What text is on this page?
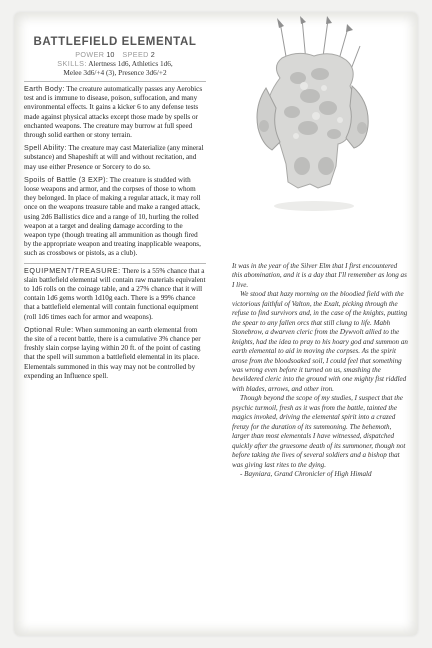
BATTLEFIELD ELEMENTAL
POWER 10 SPEED 2
SKILLS: Alertness 1d6, Athletics 1d6,
Melee 3d6/+4 (3), Presence 3d6/+2

Earth Body: The creature automatically passes any Aerobics test and is immune to disease, poison, suffocation, and many environmental effects. It gains a kicker 6 to any defense tests made against physical attacks except those made by spells or enchanted weapons. The creature may burrow at full speed through solid earthen or stony terrain.

Spell Ability: The creature may cast Materialize (any mineral substance) and Shapeshift at will and without recitation, and may use either Presence or Sorcery to do so.

Spoils of Battle (3 EXP): The creature is studded with loose weapons and armor, and the corpses of those to whom they belonged. In place of making a regular attack, it may roll once on the weapons treasure table and make a ranged attack, using 2d6 Ballistics dice and a range of 10, hurling the rolled weapon at a target and dealing damage according to the weapon type (though treating all ammunition as though fired by the appropriate weapon and treating inapplicable weapons, such as crossbows or pistols, as a club).

EQUIPMENT/TREASURE: There is a 55% chance that a slain battlefield elemental will contain raw materials equivalent to 1d6 rolls on the coinage table, and a 27% chance that it will contain 1d6 gems worth 1d10g each. There is a 99% chance that a battlefield elemental will contain functional equipment (roll 1d6 times each for armor and weapons).

Optional Rule: When summoning an earth elemental from the site of a recent battle, there is a cumulative 3% chance per freshly slain corpse laying within 20 ft. of the point of casting that the spell will summon a battlefield elemental in its place. Elementals summoned in this way may not be controlled by expending an Influence spell.

It was in the year of the Silver Elm that I first encountered this abomination, and it is a day that I'll remember as long as I live.

We stood that hazy morning on the bloodied field with the victorious faithful of Valton, the Exalt, picking through the refuse to find survivors and, in the case of the knights, putting the spear to any fallen orcs that still clung to life. Mabh Stonebrow, a dwarven cleric from the Dywvolt allied to the knights, had the idea to pray to his hoary god and summon an earth elemental to aid in moving the corpses. As the spirit arose from the bloodsoaked soil, I could feel that something was wrong even before it turned on us, smashing the bewildered cleric into the ground with one mighty fist riddled with blades, arrows, and other iron.

Though beyond the scope of my studies, I suspect that the psychic turmoil, fresh as it was from the battle, tainted the magics invoked, driving the elemental spirit into a crazed frenzy for the duration of its summoning. The behemoth, larger than most elementals I have witnessed, dispatched quickly after the gruesome death of its summoner, though not before taking the lives of several soldiers and a bishop that was giving last rites to the dying.

- Bayniara, Grand Chronicler of High Himald
